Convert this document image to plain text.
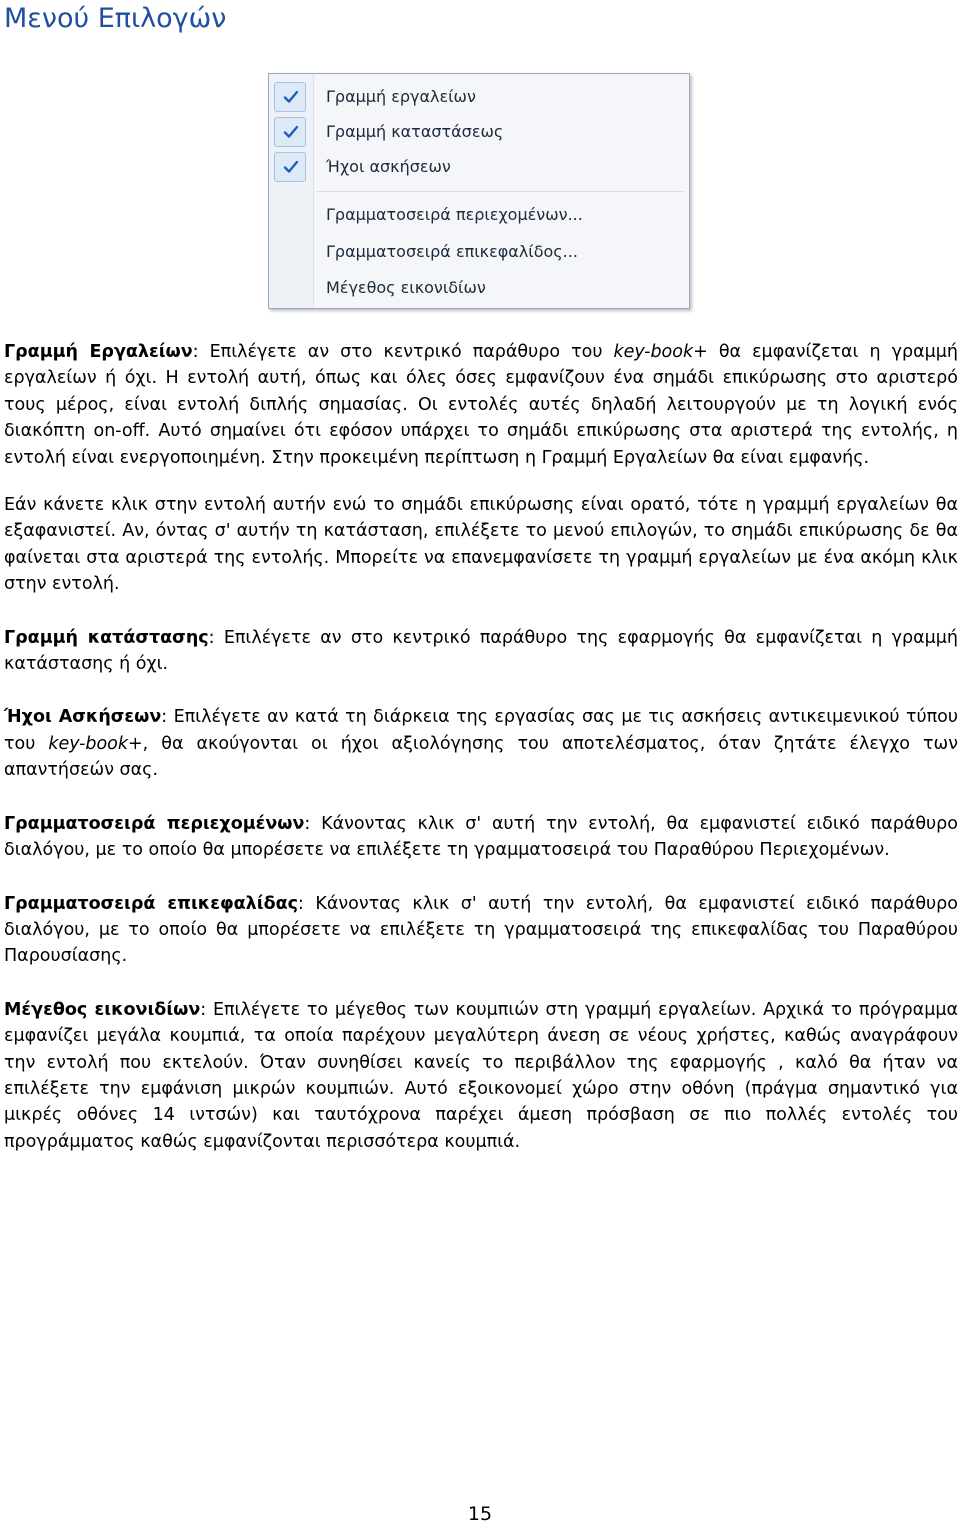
Μενού Επιλογών
Γραμμή εργαλείων
Γραμμή καταστάσεως
Ήχοι ασκήσεων
Γραμματοσειρά περιεχομένων...
Γραμματοσειρά επικεφαλίδος...
Μέγεθος εικονιδίων

Γραμμή Εργαλείων: Επιλέγετε αν στο κεντρικό παράθυρο του key-book+ θα εμφανίζεται η γραμμή εργαλείων ή όχι. Η εντολή αυτή, όπως και όλες όσες εμφανίζουν ένα σημάδι επικύρωσης στο αριστερό τους μέρος, είναι εντολή διπλής σημασίας. Οι εντολές αυτές δηλαδή λειτουργούν με τη λογική ενός διακόπτη on-off. Αυτό σημαίνει ότι εφόσον υπάρχει το σημάδι επικύρωσης στα αριστερά της εντολής, η εντολή είναι ενεργοποιημένη. Στην προκειμένη περίπτωση η Γραμμή Εργαλείων θα είναι εμφανής.

Εάν κάνετε κλικ στην εντολή αυτήν ενώ το σημάδι επικύρωσης είναι ορατό, τότε η γραμμή εργαλείων θα εξαφανιστεί. Αν, όντας σ' αυτήν τη κατάσταση, επιλέξετε το μενού επιλογών, το σημάδι επικύρωσης δε θα φαίνεται στα αριστερά της εντολής. Μπορείτε να επανεμφανίσετε τη γραμμή εργαλείων με ένα ακόμη κλικ στην εντολή.

Γραμμή κατάστασης: Επιλέγετε αν στο κεντρικό παράθυρο της εφαρμογής θα εμφανίζεται η γραμμή κατάστασης ή όχι.

Ήχοι Ασκήσεων: Επιλέγετε αν κατά τη διάρκεια της εργασίας σας με τις ασκήσεις αντικειμενικού τύπου του key-book+, θα ακούγονται οι ήχοι αξιολόγησης του αποτελέσματος, όταν ζητάτε έλεγχο των απαντήσεών σας.

Γραμματοσειρά περιεχομένων: Κάνοντας κλικ σ' αυτή την εντολή, θα εμφανιστεί ειδικό παράθυρο διαλόγου, με το οποίο θα μπορέσετε να επιλέξετε τη γραμματοσειρά του Παραθύρου Περιεχομένων.

Γραμματοσειρά επικεφαλίδας: Κάνοντας κλικ σ' αυτή την εντολή, θα εμφανιστεί ειδικό παράθυρο διαλόγου, με το οποίο θα μπορέσετε να επιλέξετε τη γραμματοσειρά της επικεφαλίδας του Παραθύρου Παρουσίασης.

Μέγεθος εικονιδίων: Επιλέγετε το μέγεθος των κουμπιών στη γραμμή εργαλείων. Αρχικά το πρόγραμμα εμφανίζει μεγάλα κουμπιά, τα οποία παρέχουν μεγαλύτερη άνεση σε νέους χρήστες, καθώς αναγράφουν την εντολή που εκτελούν. Όταν συνηθίσει κανείς το περιβάλλον της εφαρμογής , καλό θα ήταν να επιλέξετε την εμφάνιση μικρών κουμπιών. Αυτό εξοικονομεί χώρο στην οθόνη (πράγμα σημαντικό για μικρές οθόνες 14 ιντσών) και ταυτόχρονα παρέχει άμεση πρόσβαση σε πιο πολλές εντολές του προγράμματος καθώς εμφανίζονται περισσότερα κουμπιά.

15
